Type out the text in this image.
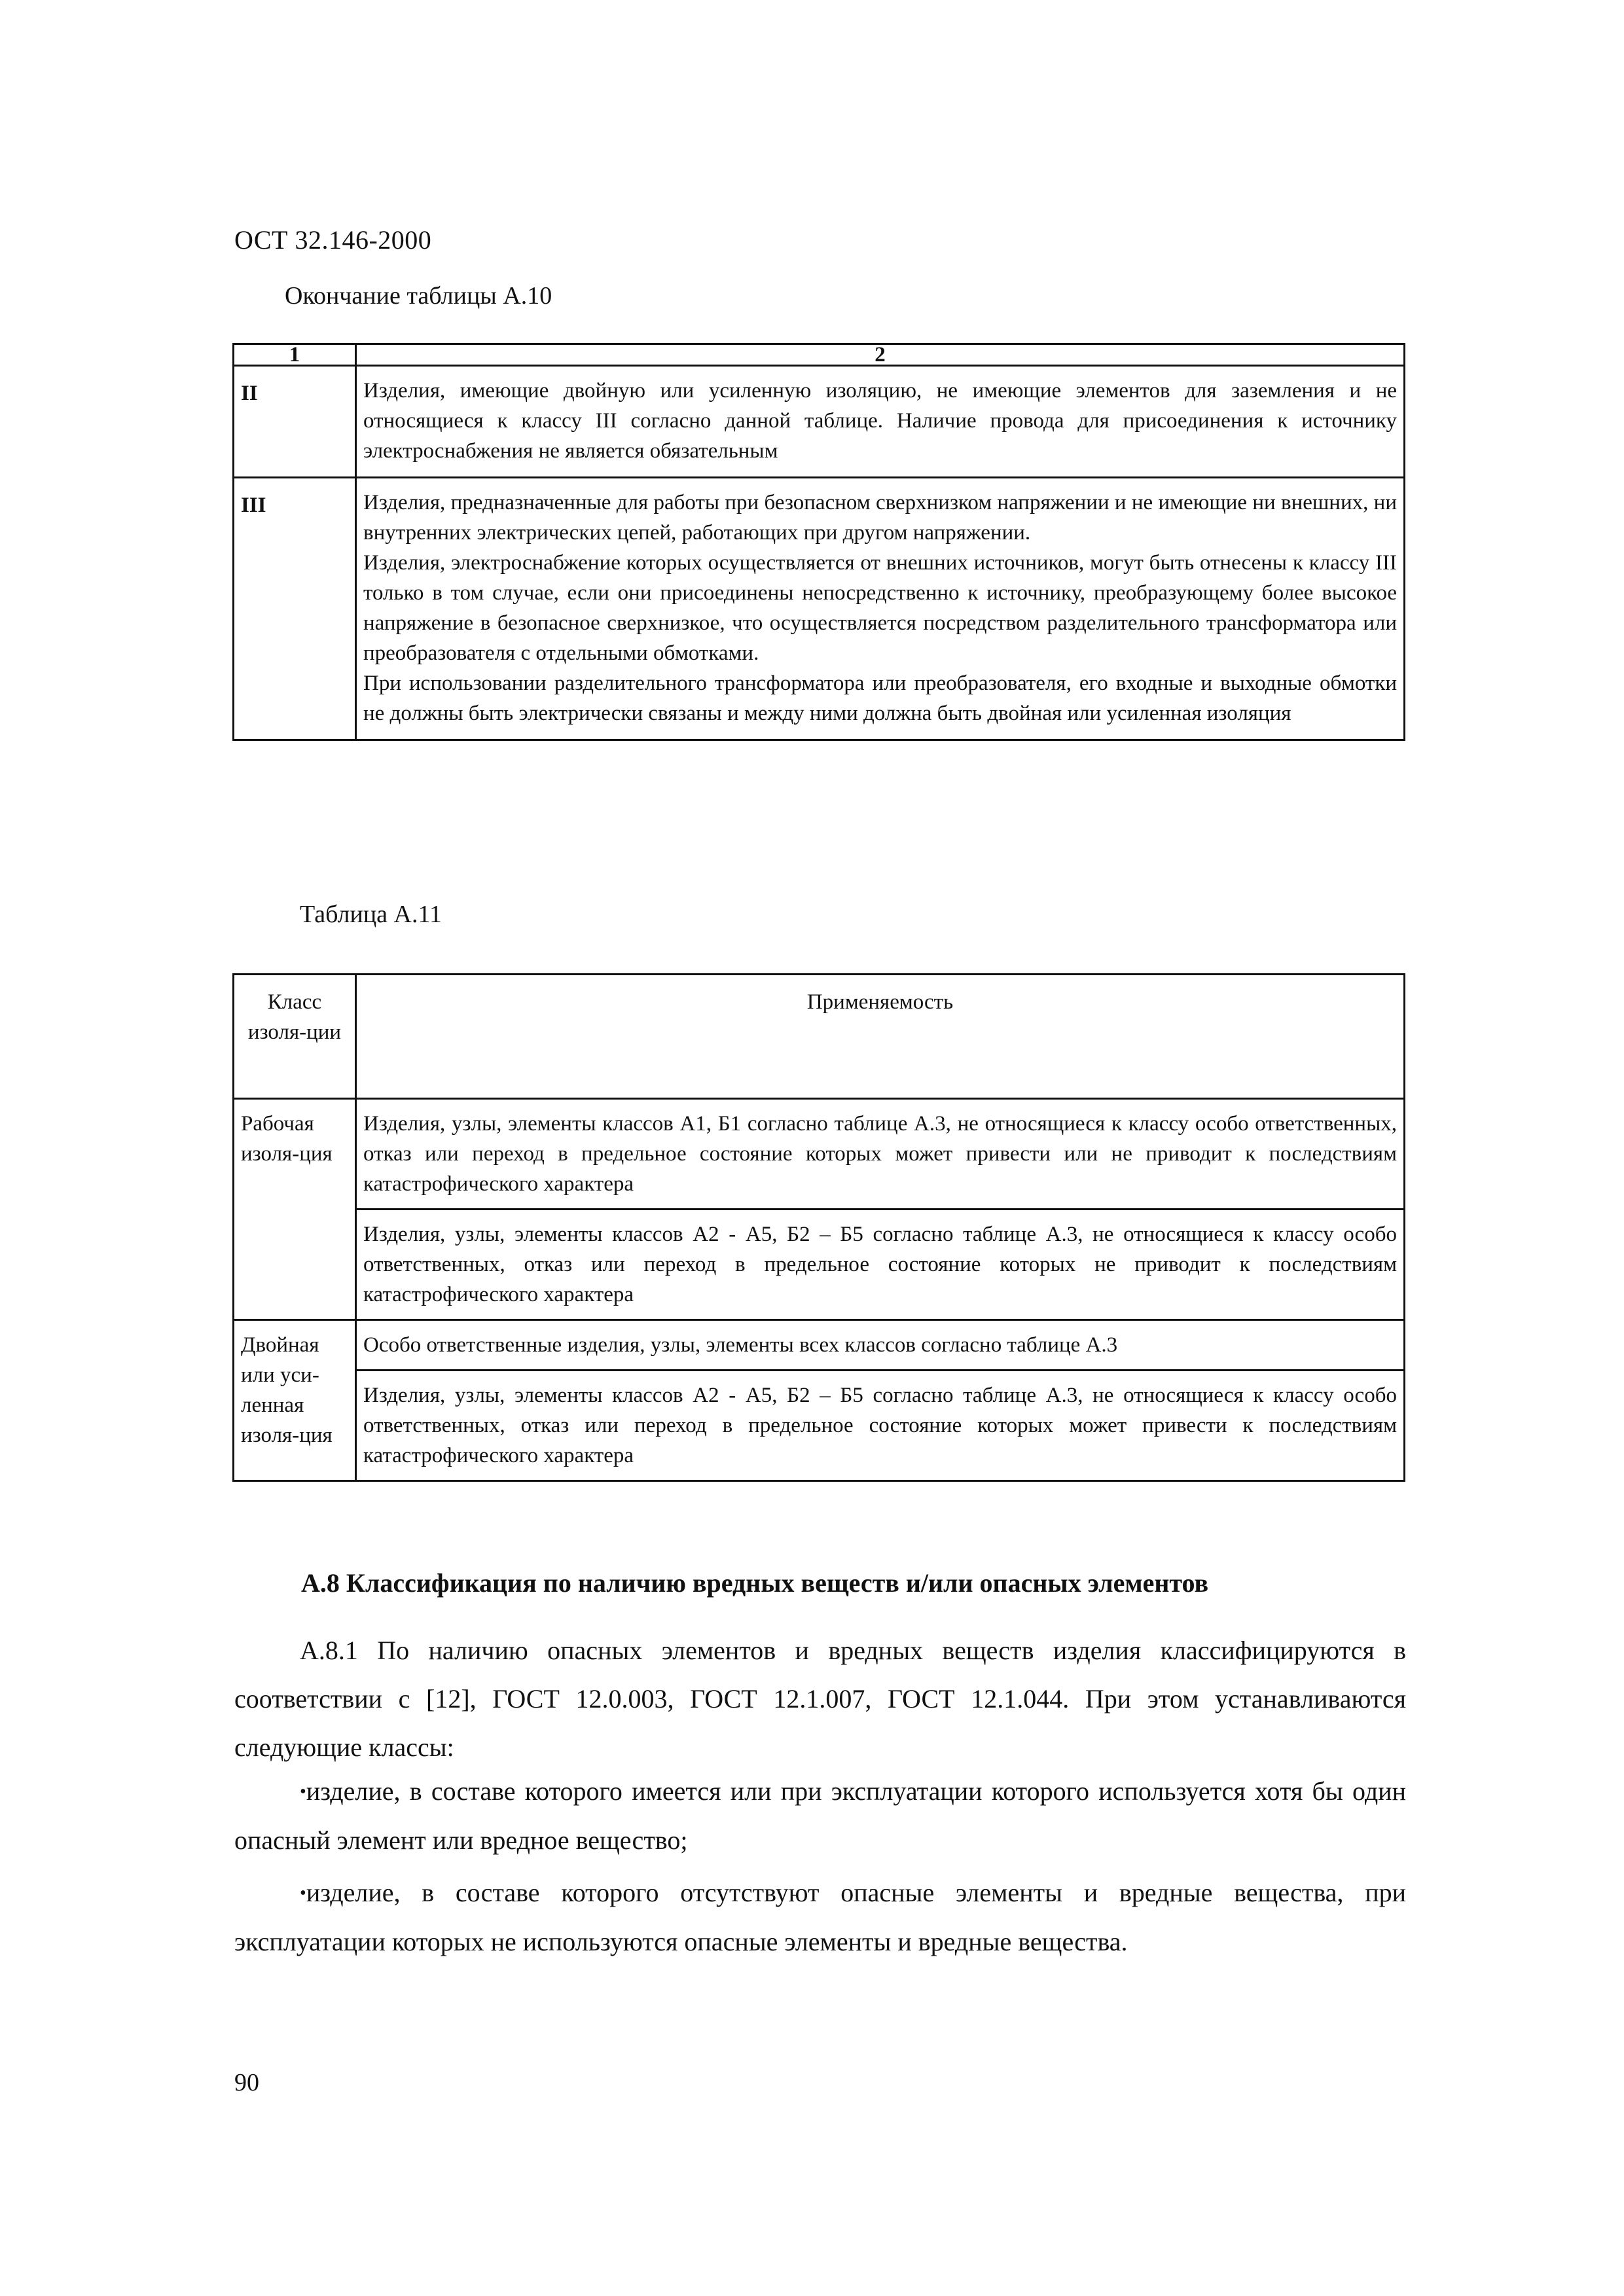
ОСТ 32.146-2000
Окончание таблицы А.10
1	2
II	Изделия, имеющие двойную или усиленную изоляцию, не имеющие элементов для заземления и не относящиеся к классу III согласно данной таблице. Наличие провода для присоединения к источнику электроснабжения не является обязательным

III	Изделия, предназначенные для работы при безопасном сверхнизком напряжении и не имеющие ни внешних, ни внутренних электрических цепей, работающих при другом напряжении.

Изделия, электроснабжение которых осуществляется от внешних источников, могут быть отнесены к классу III только в том случае, если они присоединены непосредственно к источнику, преобразующему более высокое напряжение в безопасное сверхнизкое, что осуществляется посредством разделительного трансформатора или преобразователя с отдельными обмотками.

При использовании разделительного трансформатора или преобразователя, его входные и выходные обмотки не должны быть электрически связаны и между ними должна быть двойная или усиленная изоляция

Таблица А.11
Класс изоля-ции	Применяемость
Рабочая изоля-ция	Изделия, узлы, элементы классов А1, Б1 согласно таблице А.3, не относящиеся к классу особо ответственных, отказ или переход в предельное состояние которых может привести или не приводит к последствиям катастрофического характера
	Изделия, узлы, элементы классов А2 - А5, Б2 – Б5 согласно таблице А.3, не относящиеся к классу особо ответственных, отказ или переход в предельное состояние которых не приводит к последствиям катастрофического характера
Двойная или уси-ленная изоля-ция	Особо ответственные изделия, узлы, элементы всех классов согласно таблице А.3
	Изделия, узлы, элементы классов А2 - А5, Б2 – Б5 согласно таблице А.3, не относящиеся к классу особо ответственных, отказ или переход в предельное состояние которых может привести к последствиям катастрофического характера
А.8 Классификация по наличию вредных веществ и/или опасных элементов

А.8.1 По наличию опасных элементов и вредных веществ изделия классифицируются в соответствии с [12], ГОСТ 12.0.003, ГОСТ 12.1.007, ГОСТ 12.1.044. При этом устанавливаются следующие классы:

•изделие, в составе которого имеется или при эксплуатации которого используется хотя бы один опасный элемент или вредное вещество;

•изделие, в составе которого отсутствуют опасные элементы и вредные вещества, при эксплуатации которых не используются опасные элементы и вредные вещества.

90
